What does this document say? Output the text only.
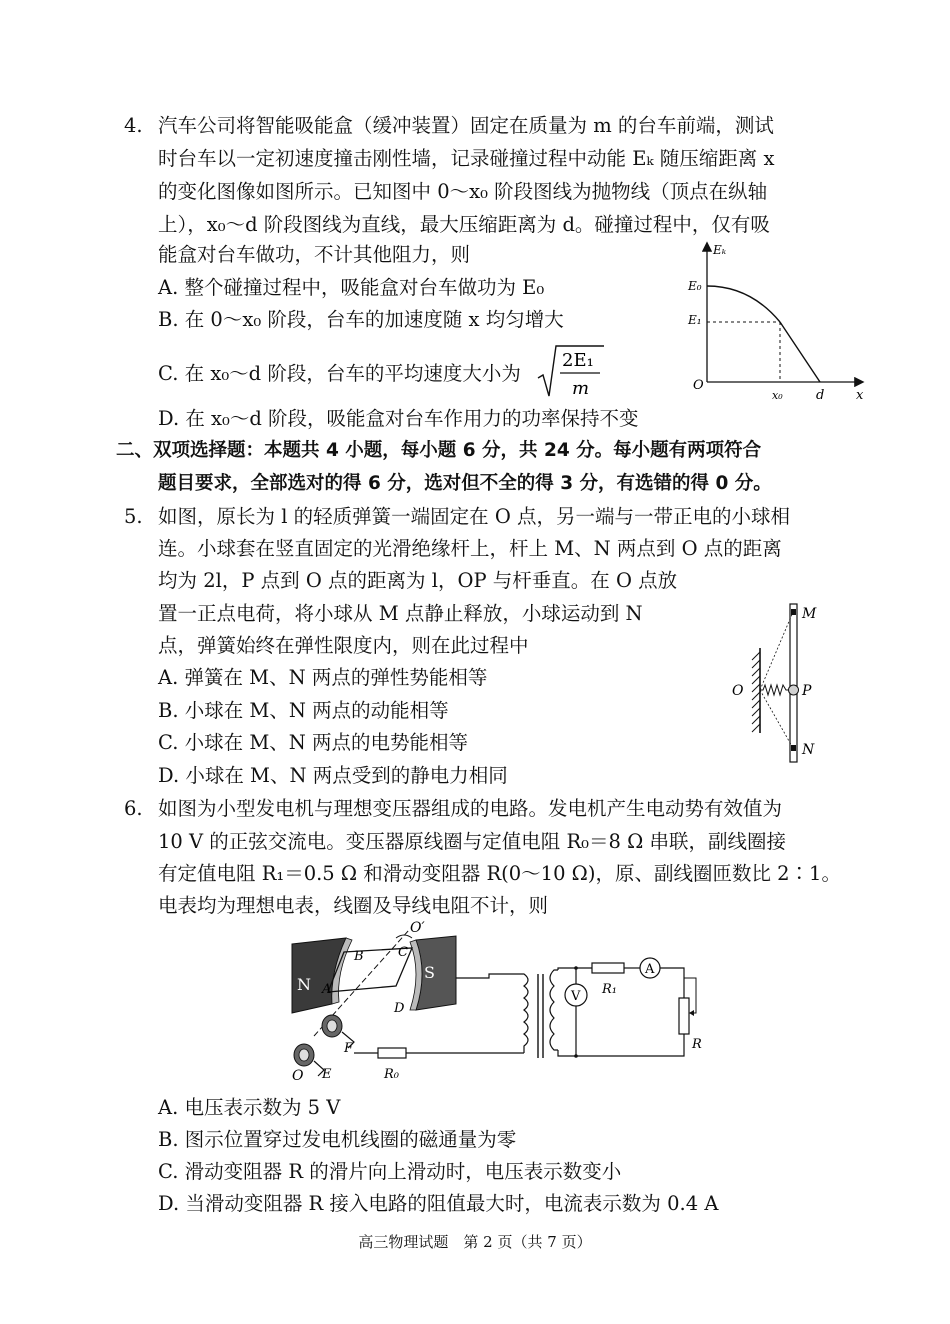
4. 汽车公司将智能吸能盒（缓冲装置）固定在质量为 m 的台车前端，测试
时台车以一定初速度撞击刚性墙，记录碰撞过程中动能 Eₖ 随压缩距离 x
的变化图像如图所示。已知图中 0～x₀ 阶段图线为抛物线（顶点在纵轴
上），x₀～d 阶段图线为直线，最大压缩距离为 d。碰撞过程中，仅有吸
能盒对台车做功，不计其他阻力，则
A. 整个碰撞过程中，吸能盒对台车做功为 E₀
B. 在 0～x₀ 阶段，台车的加速度随 x 均匀增大
C. 在 x₀～d 阶段，台车的平均速度大小为
2E₁
m
D. 在 x₀～d 阶段，吸能盒对台车作用力的功率保持不变
Eₖ
E₀
E₁
O
x₀	d x
二、双项选择题：本题共 4 小题，每小题 6 分，共 24 分。每小题有两项符合
题目要求，全部选对的得 6 分，选对但不全的得 3 分，有选错的得 0 分。
5. 如图，原长为 l 的轻质弹簧一端固定在 O 点，另一端与一带正电的小球相
连。小球套在竖直固定的光滑绝缘杆上，杆上 M、N 两点到 O 点的距离
均为 2l，P 点到 O 点的距离为 l，OP 与杆垂直。在 O 点放
置一正点电荷，将小球从 M 点静止释放，小球运动到 N
点，弹簧始终在弹性限度内，则在此过程中
A. 弹簧在 M、N 两点的弹性势能相等
B. 小球在 M、N 两点的动能相等
C. 小球在 M、N 两点的电势能相等
D. 小球在 M、N 两点受到的静电力相同
M
O	P
N
6. 如图为小型发电机与理想变压器组成的电路。发电机产生电动势有效值为
10 V 的正弦交流电。变压器原线圈与定值电阻 R₀＝8 Ω 串联，副线圈接
有定值电阻 R₁＝0.5 Ω 和滑动变阻器 R(0～10 Ω)，原、副线圈匝数比 2∶1。
电表均为理想电表，线圈及导线电阻不计，则
N
S
O′
B	C
A
D
F
E
O	R₀
R₁
A
R
V
A. 电压表示数为 5 V
B. 图示位置穿过发电机线圈的磁通量为零
C. 滑动变阻器 R 的滑片向上滑动时，电压表示数变小
D. 当滑动变阻器 R 接入电路的阻值最大时，电流表示数为 0.4 A
高三物理试题　第 2 页（共 7 页）
